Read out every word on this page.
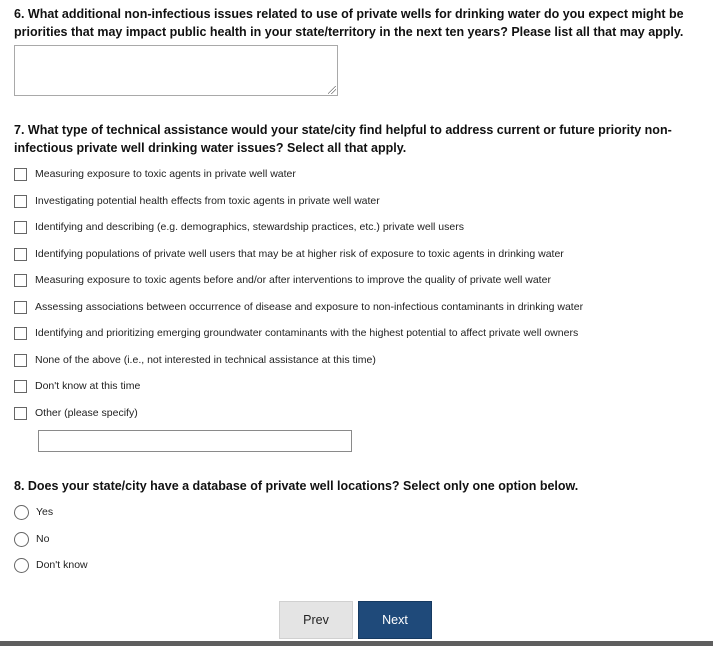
6. What additional non-infectious issues related to use of private wells for drinking water do you expect might be
priorities that may impact public health in your state/territory in the next ten years? Please list all that may apply.
7. What type of technical assistance would your state/city find helpful to address current or future priority non-
infectious private well drinking water issues? Select all that apply.
Measuring exposure to toxic agents in private well water
Investigating potential health effects from toxic agents in private well water
Identifying and describing (e.g. demographics, stewardship practices, etc.) private well users
Identifying populations of private well users that may be at higher risk of exposure to toxic agents in drinking water
Measuring exposure to toxic agents before and/or after interventions to improve the quality of private well water
Assessing associations between occurrence of disease and exposure to non-infectious contaminants in drinking water
Identifying and prioritizing emerging groundwater contaminants with the highest potential to affect private well owners
None of the above (i.e., not interested in technical assistance at this time)
Don't know at this time
Other (please specify)
8. Does your state/city have a database of private well locations? Select only one option below.
Yes
No
Don't know
Prev	Next
